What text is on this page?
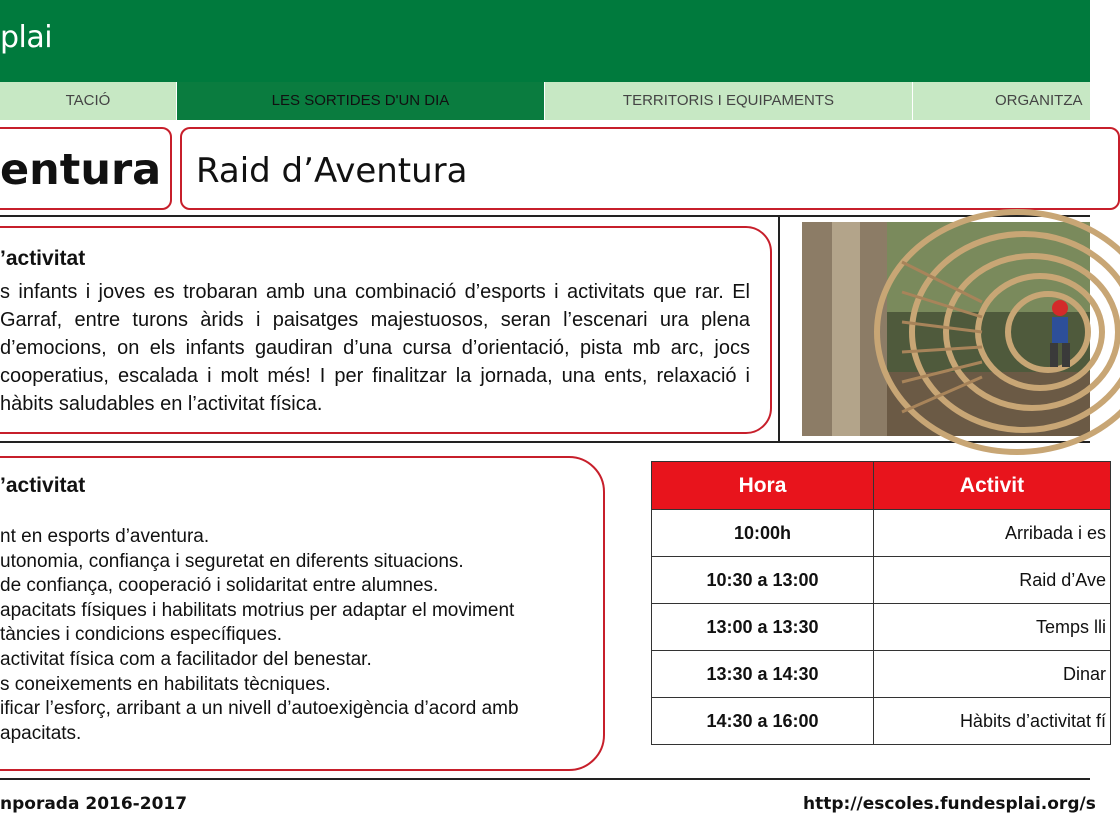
plai
TACIÓ	LES SORTIDES D'UN DIA	TERRITORIS I EQUIPAMENTS	ORGANITZA
entura Raid d’Aventura
’activitat
s infants i joves es trobaran amb una combinació d’esports i activitats que rar. El Garraf, entre turons àrids i paisatges majestuosos, seran l’escenari ura plena d’emocions, on els infants gaudiran d’una cursa d’orientació, pista mb arc, jocs cooperatius, escalada i molt més! I per finalitzar la jornada, una ents, relaxació i hàbits saludables en l’activitat física.
’activitat
nt en esports d’aventura.
utonomia, confiança i seguretat en diferents situacions.
de confiança, cooperació i solidaritat entre alumnes.
apacitats físiques i habilitats motrius per adaptar el moviment
tàncies i condicions específiques.
activitat física com a facilitador del benestar.
s coneixements en habilitats tècniques.
ificar l’esforç, arribant a un nivell d’autoexigència d’acord amb
apacitats.
Hora	Activit
10:00h	Arribada i es
10:30 a 13:00	Raid d’Ave
13:00 a 13:30	Temps lli
13:30 a 14:30	Dinar
14:30 a 16:00	Hàbits d’activitat fí
nporada 2016-2017	http://escoles.fundesplai.org/s
